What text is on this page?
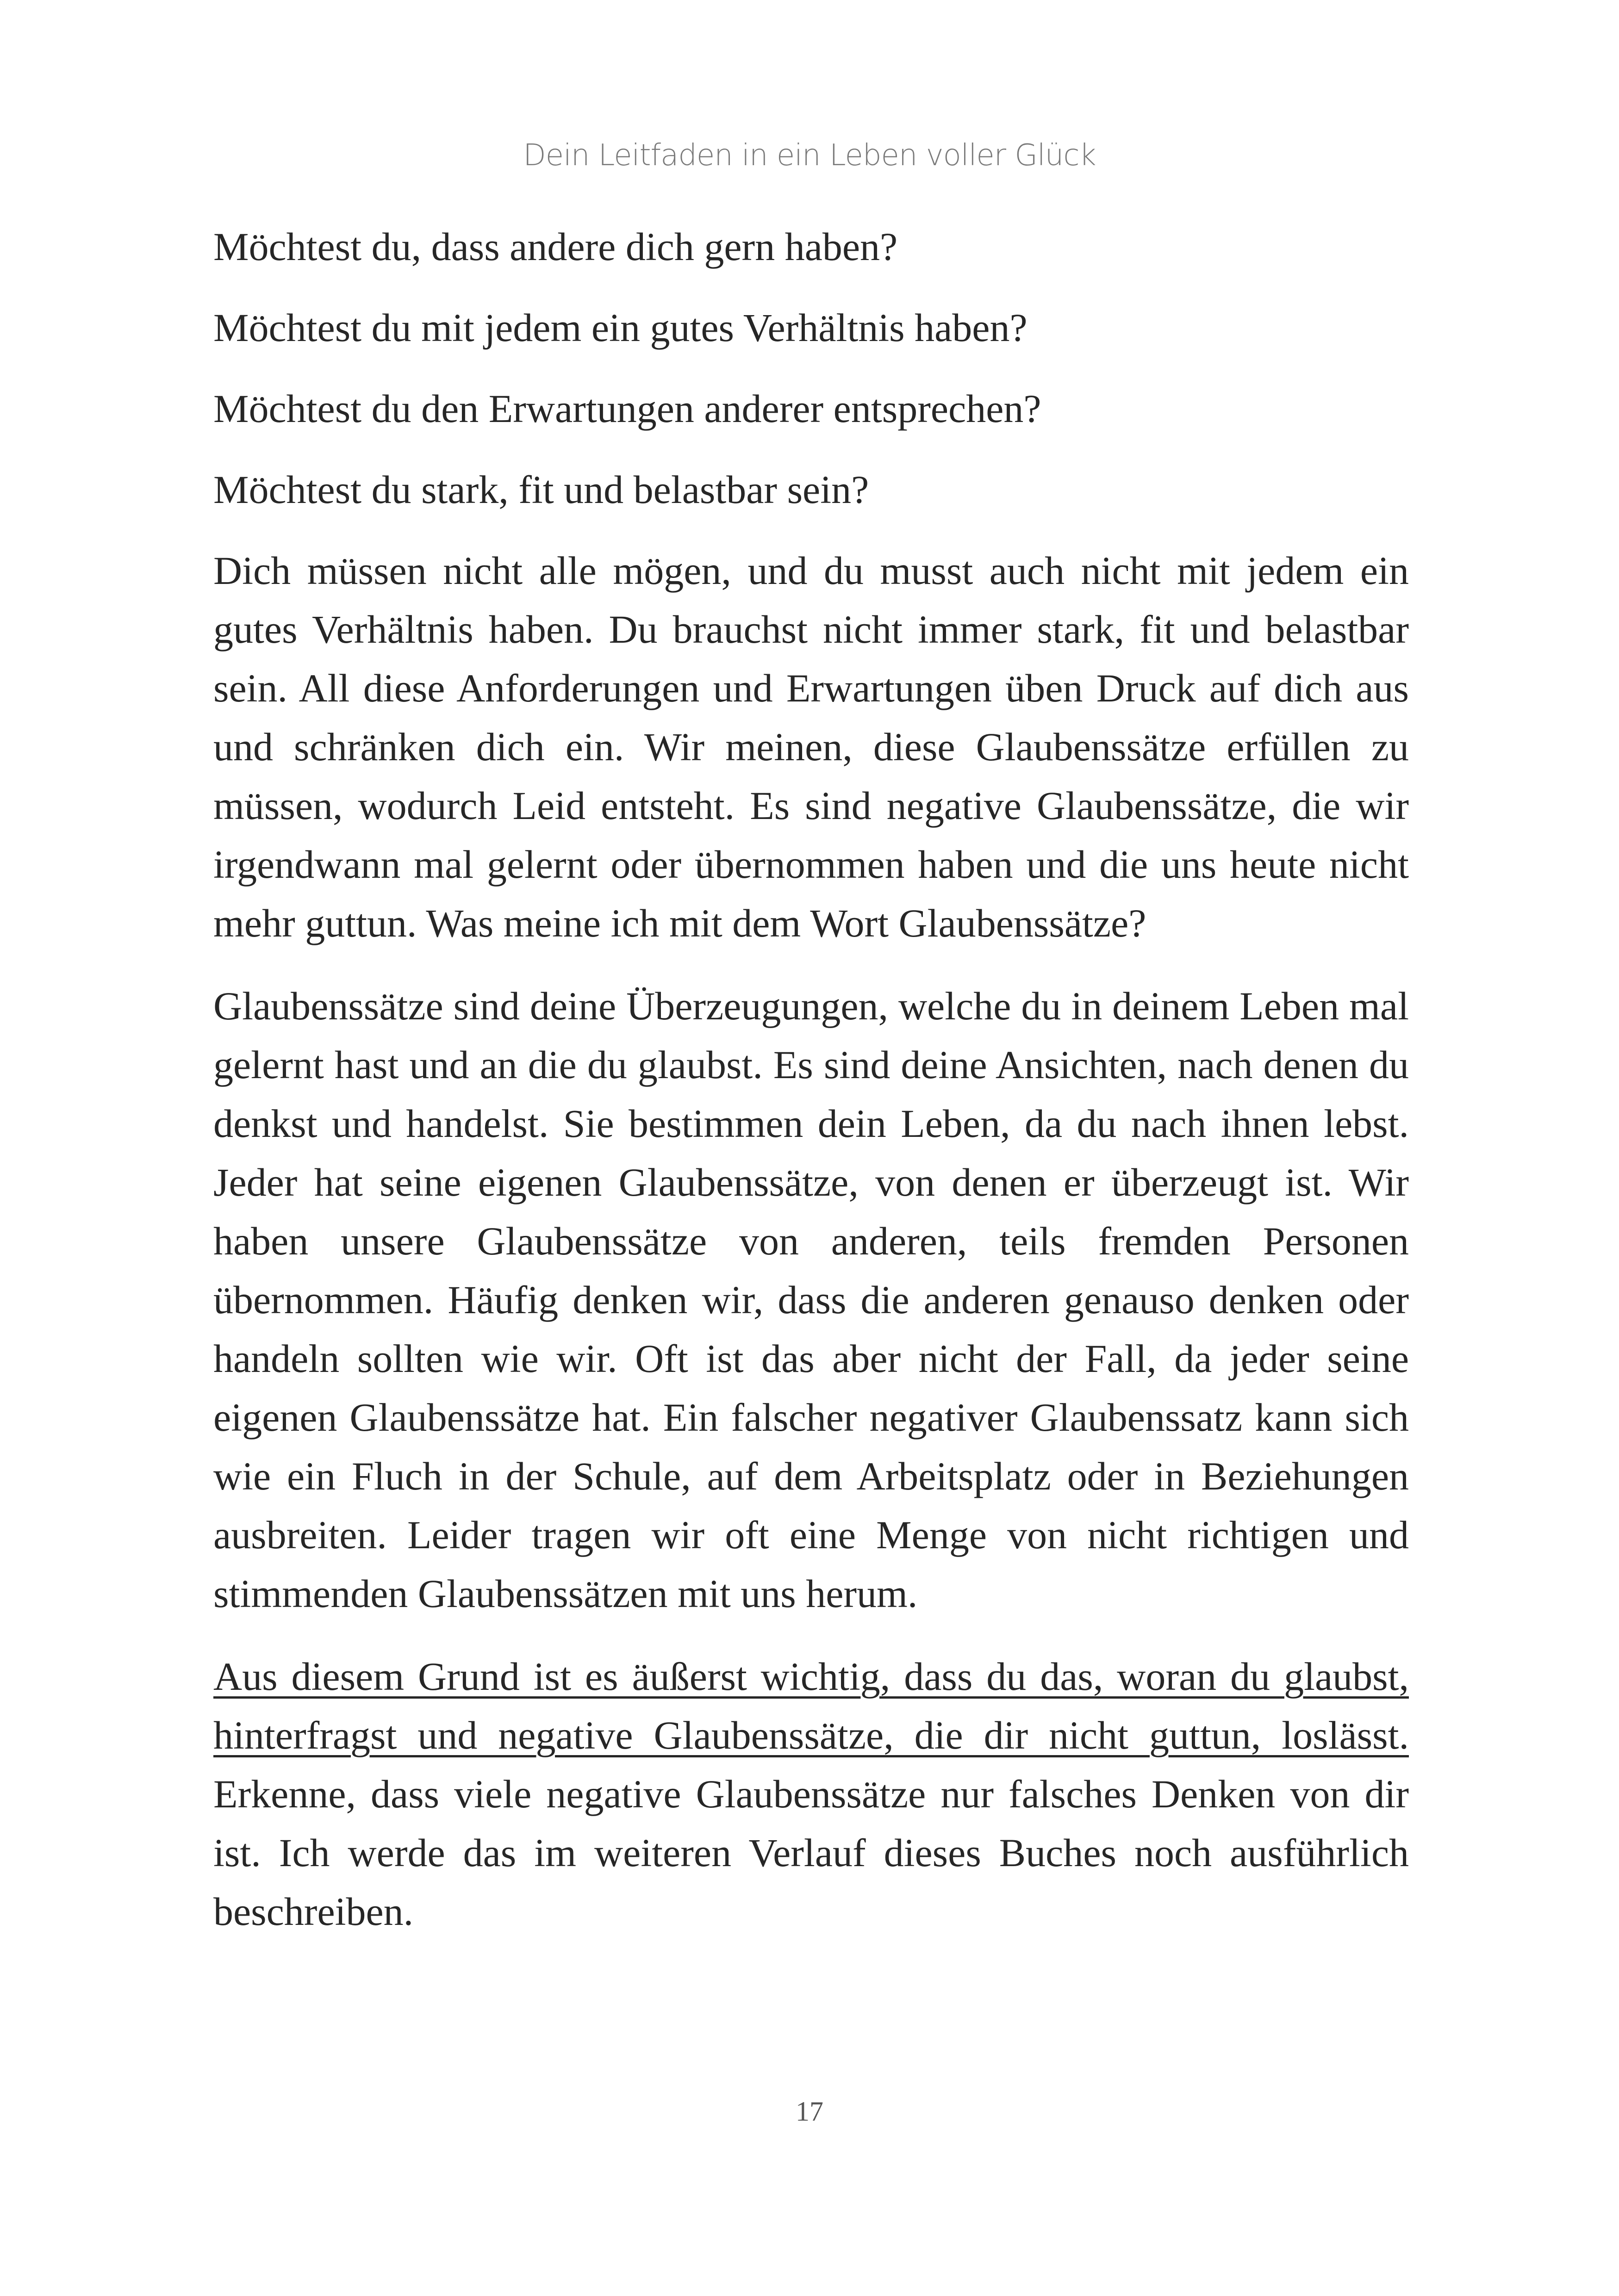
Dein Leitfaden in ein Leben voller Glück

Möchtest du, dass andere dich gern haben?

Möchtest du mit jedem ein gutes Verhältnis haben?

Möchtest du den Erwartungen anderer entsprechen?

Möchtest du stark, fit und belastbar sein?

Dich müssen nicht alle mögen, und du musst auch nicht mit jedem ein gutes Verhältnis haben. Du brauchst nicht immer stark, fit und belastbar sein. All diese Anforderungen und Erwartungen üben Druck auf dich aus und schränken dich ein. Wir meinen, diese Glaubenssätze erfüllen zu müssen, wodurch Leid entsteht. Es sind negative Glaubenssätze, die wir irgendwann mal gelernt oder übernommen haben und die uns heute nicht mehr guttun. Was meine ich mit dem Wort Glaubenssätze?

Glaubenssätze sind deine Überzeugungen, welche du in deinem Leben mal gelernt hast und an die du glaubst. Es sind deine Ansichten, nach denen du denkst und handelst. Sie bestimmen dein Leben, da du nach ihnen lebst. Jeder hat seine eigenen Glaubenssätze, von denen er überzeugt ist. Wir haben unsere Glaubenssätze von anderen, teils fremden Personen übernommen. Häufig denken wir, dass die anderen genauso denken oder handeln sollten wie wir. Oft ist das aber nicht der Fall, da jeder seine eigenen Glaubenssätze hat. Ein falscher negativer Glaubenssatz kann sich wie ein Fluch in der Schule, auf dem Arbeitsplatz oder in Beziehungen ausbreiten. Leider tragen wir oft eine Menge von nicht richtigen und stimmenden Glaubenssätzen mit uns herum.

Aus diesem Grund ist es äußerst wichtig, dass du das, woran du glaubst, hinterfragst und negative Glaubenssätze, die dir nicht guttun, loslässt. Erkenne, dass viele negative Glaubenssätze nur falsches Denken von dir ist. Ich werde das im weiteren Verlauf dieses Buches noch ausführlich beschreiben.

17
